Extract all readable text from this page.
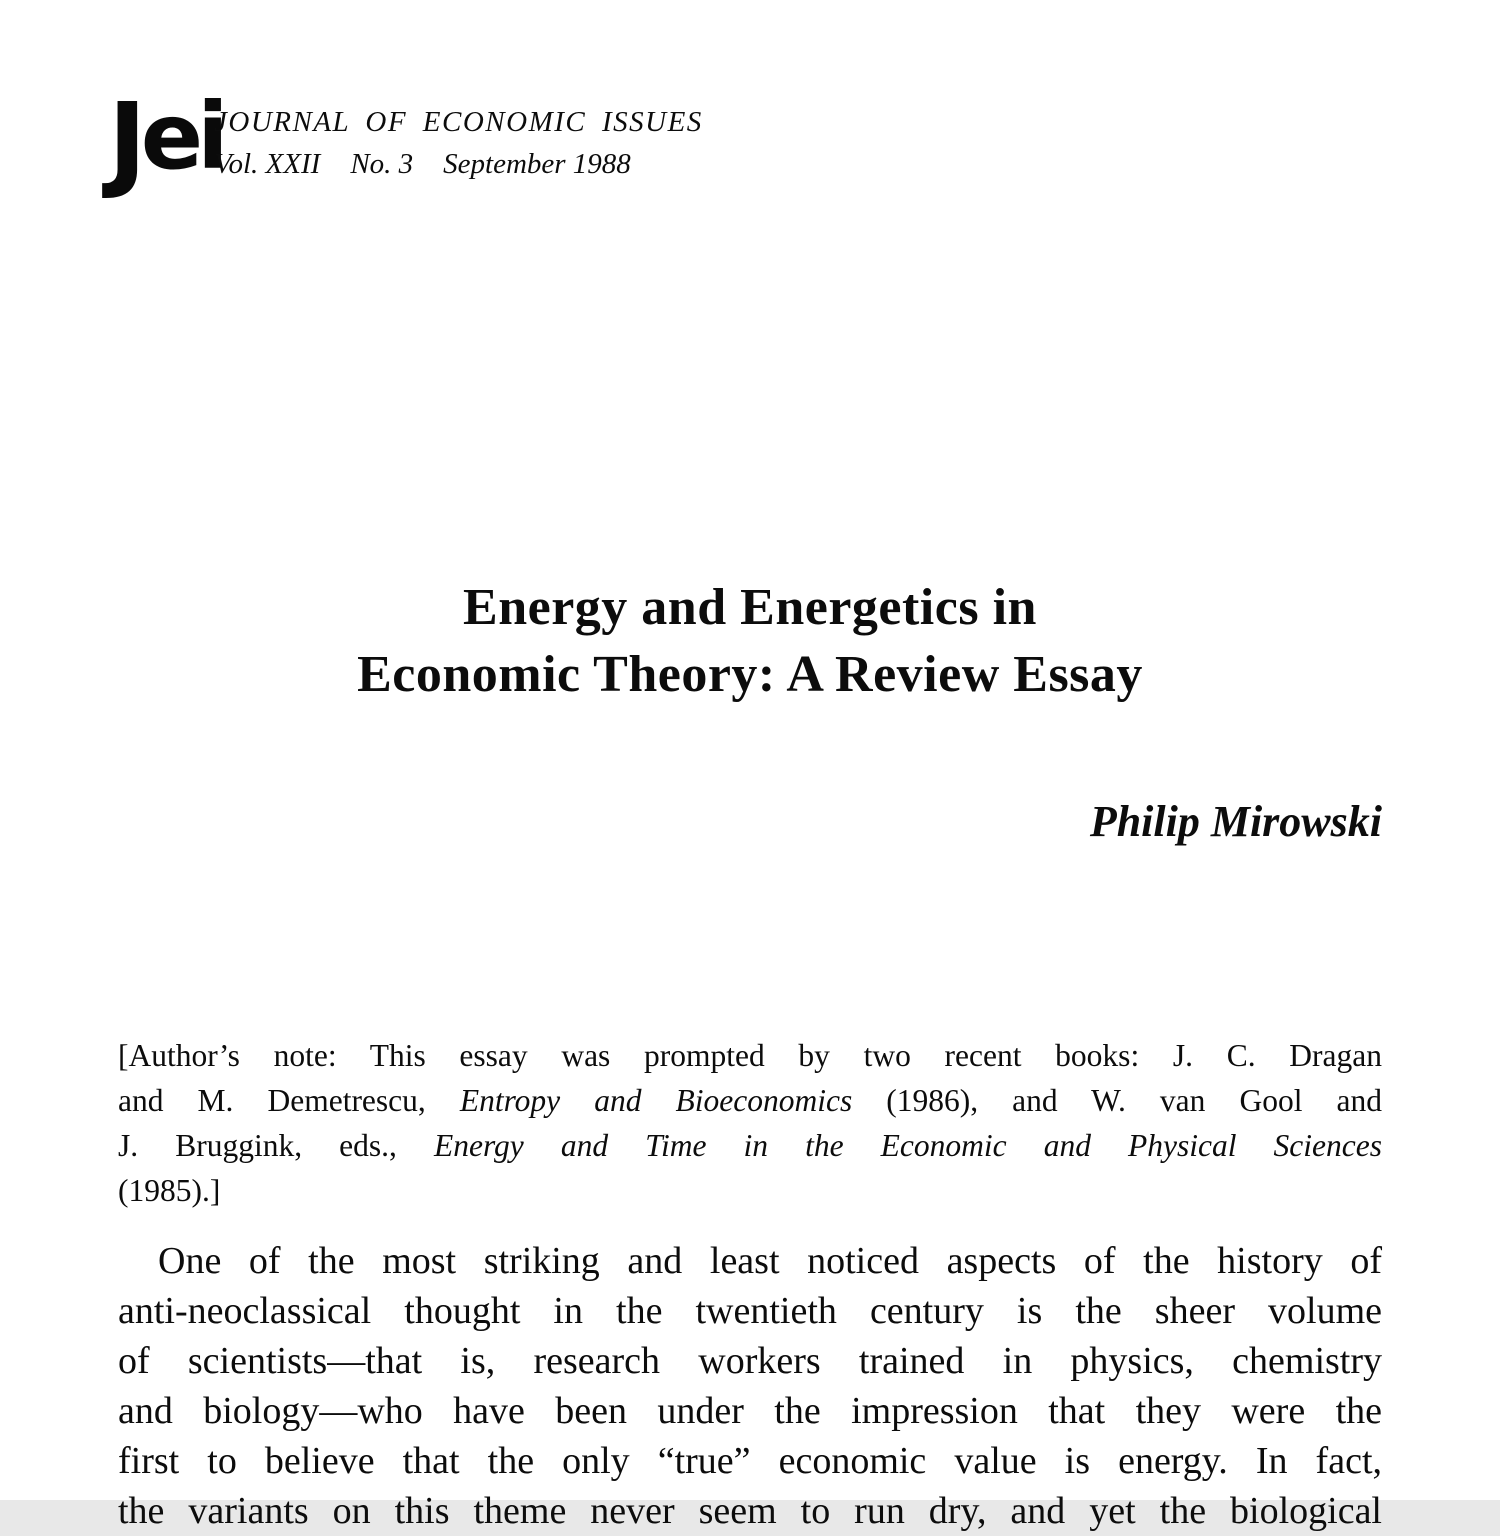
Jei
JOURNAL OF ECONOMIC ISSUES
Vol. XXII No. 3 September 1988
Energy and Energetics in
Economic Theory: A Review Essay
Philip Mirowski
[Author’s note: This essay was prompted by two recent books: J. C. Dragan
and M. Demetrescu, Entropy and Bioeconomics (1986), and W. van Gool and
J. Bruggink, eds., Energy and Time in the Economic and Physical Sciences
(1985).]
One of the most striking and least noticed aspects of the history of
anti-neoclassical thought in the twentieth century is the sheer volume
of scientists—that is, research workers trained in physics, chemistry
and biology—who have been under the impression that they were the
first to believe that the only “true” economic value is energy. In fact,
the variants on this theme never seem to run dry, and yet the biological
